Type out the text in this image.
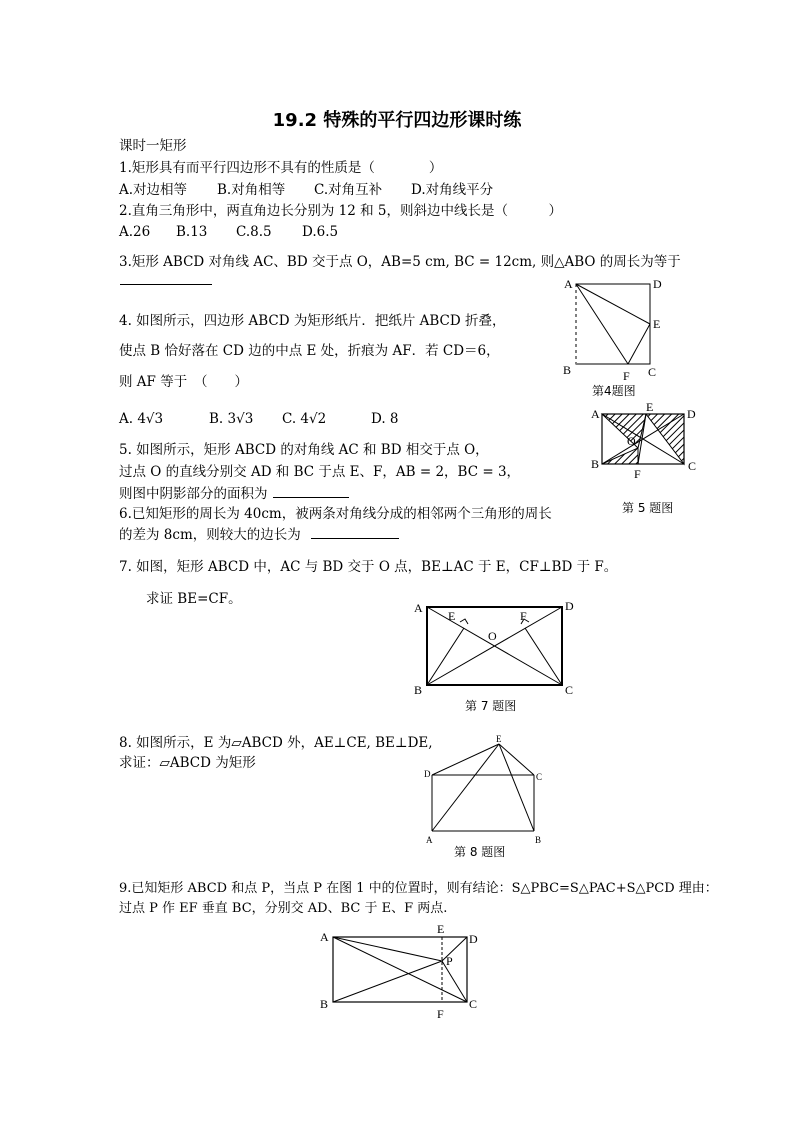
19.2 特殊的平行四边形课时练
课时一矩形
1.矩形具有而平行四边形不具有的性质是（　　　　）
A.对边相等 B.对角相等 C.对角互补 D.对角线平分
2.直角三角形中，两直角边长分别为 12 和 5，则斜边中线长是（　　　）
A.26 B.13 C.8.5 D.6.5
3.矩形 ABCD 对角线 AC、BD 交于点 O，AB=5 cm, BC = 12cm, 则△ABO 的周长为等于
4. 如图所示，四边形 ABCD 为矩形纸片．把纸片 ABCD 折叠，
使点 B 恰好落在 CD 边的中点 E 处，折痕为 AF．若 CD＝6，
则 AF 等于　（　　）
A. 4√3	B. 3√3 C. 4√2	D. 8
A	D
E
B	F C
第4题图
5. 如图所示，矩形 ABCD 的对角线 AC 和 BD 相交于点 O，
过点 O 的直线分别交 AD 和 BC 于点 E、F，AB = 2，BC = 3，
则图中阴影部分的面积为
A	E	D
O
B
F
C
第 5 题图
6.已知矩形的周长为 40cm，被两条对角线分成的相邻两个三角形的周长
的差为 8cm，则较大的边长为
7. 如图，矩形 ABCD 中，AC 与 BD 交于 O 点，BE⊥AC 于 E，CF⊥BD 于 F。
求证 BE=CF。
A	D
E	F
O
B	C
第 7 题图
8. 如图所示，E 为▱ABCD 外，AE⊥CE, BE⊥DE,
求证：▱ABCD 为矩形
E
D	C
A	B
第 8 题图
9.已知矩形 ABCD 和点 P，当点 P 在图 1 中的位置时，则有结论：S△PBC=S△PAC+S△PCD 理由：
过点 P 作 EF 垂直 BC，分别交 AD、BC 于 E、F 两点.
A
E
D
P
B
F
C
